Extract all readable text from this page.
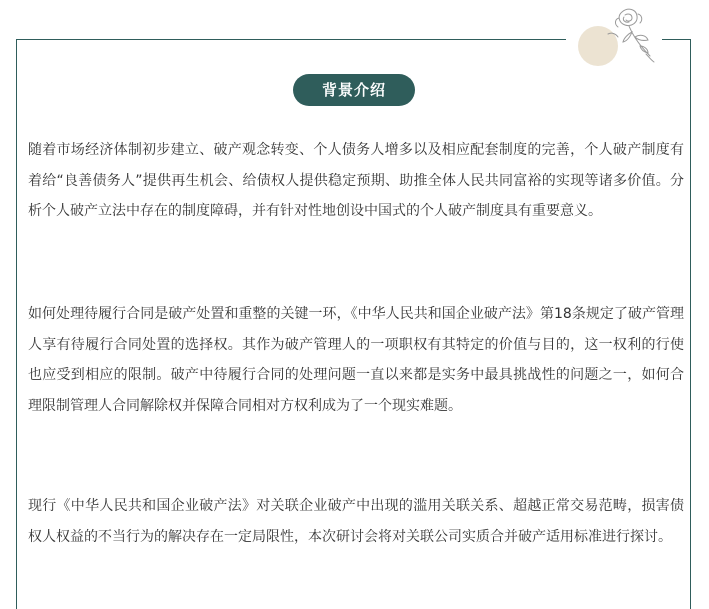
背景介绍

随着市场经济体制初步建立、破产观念转变、个人债务人增多以及相应配套制度的完善，个人破产制度有着给“良善债务人”提供再生机会、给债权人提供稳定预期、助推全体人民共同富裕的实现等诸多价值。分析个人破产立法中存在的制度障碍，并有针对性地创设中国式的个人破产制度具有重要意义。

如何处理待履行合同是破产处置和重整的关键一环，《中华人民共和国企业破产法》第18条规定了破产管理人享有待履行合同处置的选择权。其作为破产管理人的一项职权有其特定的价值与目的，这一权利的行使也应受到相应的限制。破产中待履行合同的处理问题一直以来都是实务中最具挑战性的问题之一，如何合理限制管理人合同解除权并保障合同相对方权利成为了一个现实难题。

现行《中华人民共和国企业破产法》对关联企业破产中出现的滥用关联关系、超越正常交易范畴，损害债权人权益的不当行为的解决存在一定局限性，本次研讨会将对关联公司实质合并破产适用标准进行探讨。
